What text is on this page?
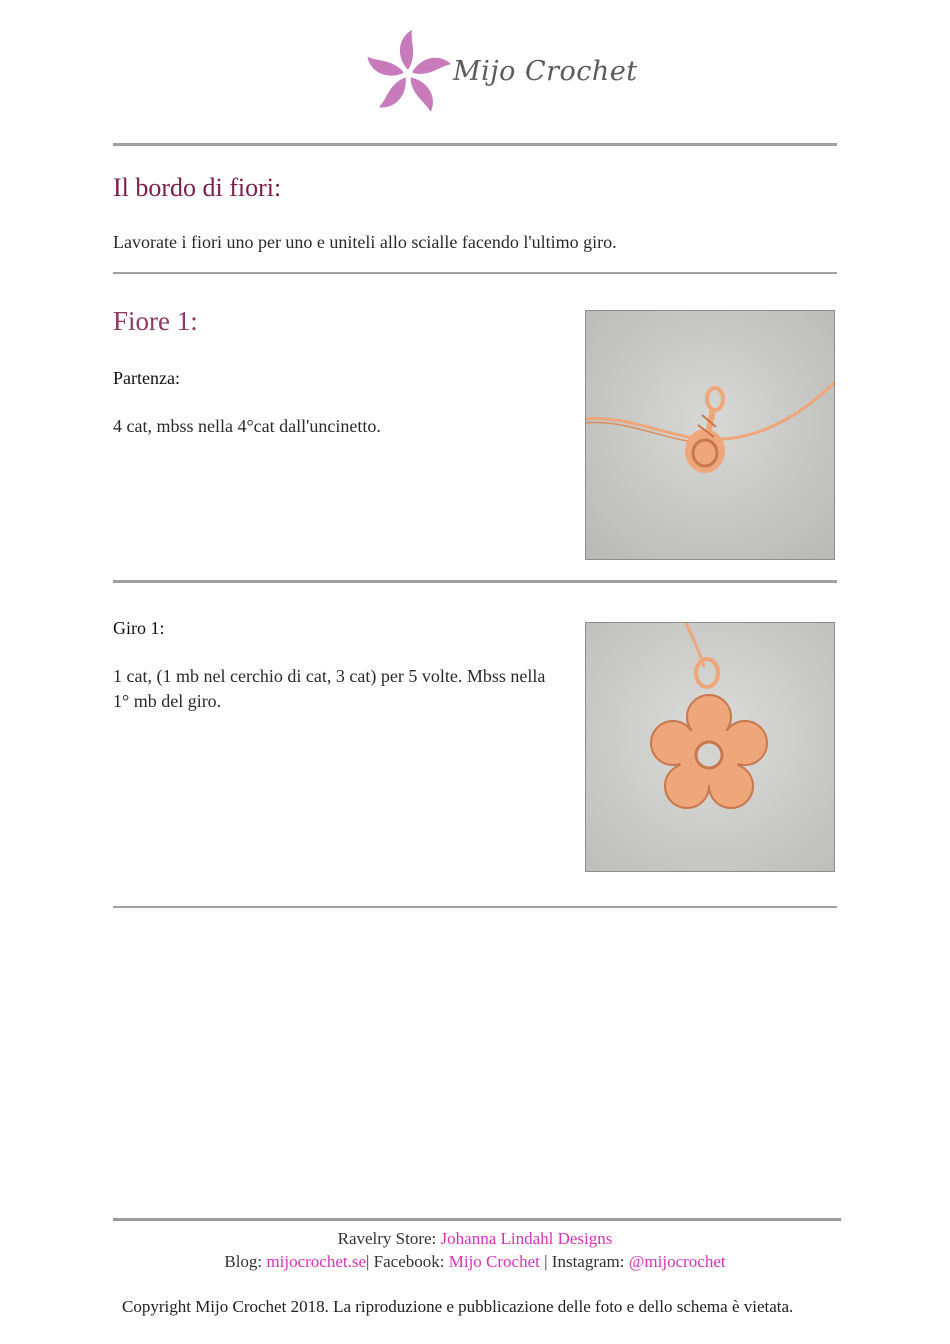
Mijo Crochet
Il bordo di fiori:
Lavorate i fiori uno per uno e uniteli allo scialle facendo l'ultimo giro.
Fiore 1:
Partenza:
4 cat, mbss nella 4°cat dall'uncinetto.
Giro 1:
1 cat, (1 mb nel cerchio di cat, 3 cat) per 5 volte. Mbss nella 1° mb del giro.
Ravelry Store: Johanna Lindahl Designs
Blog: mijocrochet.se| Facebook: Mijo Crochet | Instagram: @mijocrochet
Copyright Mijo Crochet 2018. La riproduzione e pubblicazione delle foto e dello schema è vietata.
